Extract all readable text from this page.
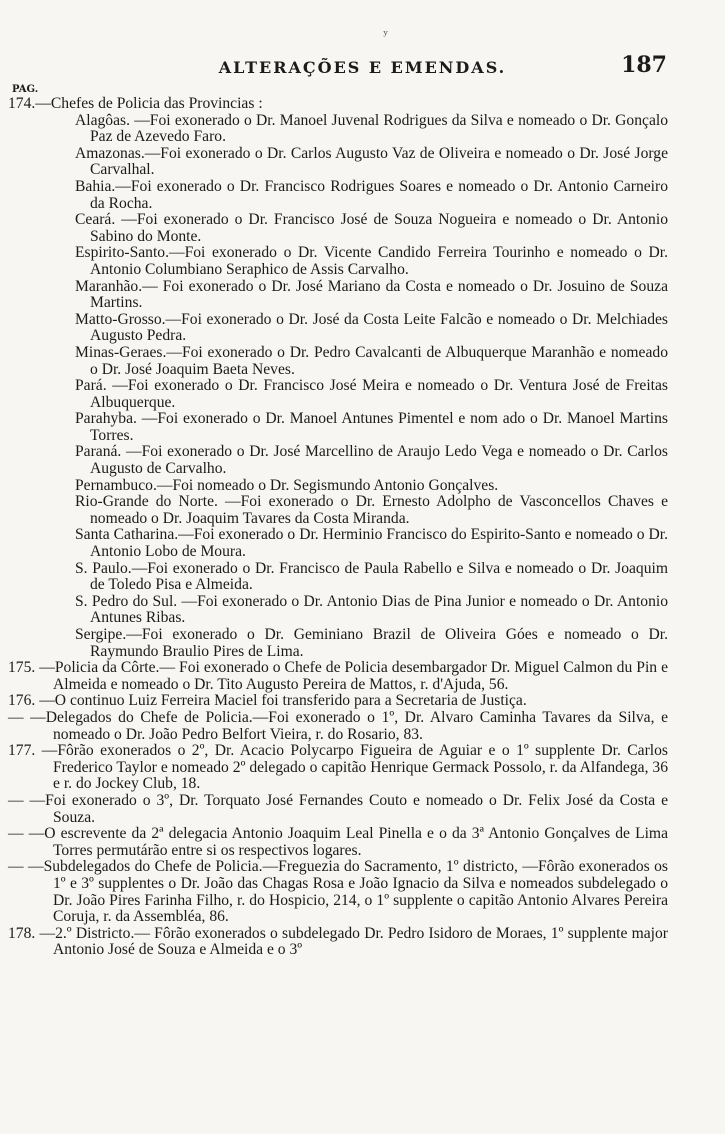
ʸ
ALTERAÇÕES E EMENDAS.	187
PAG.

174.—Chefes de Policia das Provincias :

Alagôas. —Foi exonerado o Dr. Manoel Juvenal Rodrigues da Silva e nomeado o Dr. Gonçalo Paz de Azevedo Faro.

Amazonas.—Foi exonerado o Dr. Carlos Augusto Vaz de Oliveira e nomeado o Dr. José Jorge Carvalhal.

Bahia.—Foi exonerado o Dr. Francisco Rodrigues Soares e nomeado o Dr. Antonio Carneiro da Rocha.

Ceará. —Foi exonerado o Dr. Francisco José de Souza Nogueira e nomeado o Dr. Antonio Sabino do Monte.

Espirito-Santo.—Foi exonerado o Dr. Vicente Candido Ferreira Tourinho e nomeado o Dr. Antonio Columbiano Seraphico de Assis Carvalho.

Maranhão.— Foi exonerado o Dr. José Mariano da Costa e nomeado o Dr. Josuino de Souza Martins.

Matto-Grosso.—Foi exonerado o Dr. José da Costa Leite Falcão e nomeado o Dr. Melchiades Augusto Pedra.

Minas-Geraes.—Foi exonerado o Dr. Pedro Cavalcanti de Albuquerque Maranhão e nomeado o Dr. José Joaquim Baeta Neves.

Pará. —Foi exonerado o Dr. Francisco José Meira e nomeado o Dr. Ventura José de Freitas Albuquerque.

Parahyba. —Foi exonerado o Dr. Manoel Antunes Pimentel e nom ado o Dr. Manoel Martins Torres.

Paraná. —Foi exonerado o Dr. José Marcellino de Araujo Ledo Vega e nomeado o Dr. Carlos Augusto de Carvalho.

Pernambuco.—Foi nomeado o Dr. Segismundo Antonio Gonçalves.

Rio-Grande do Norte. —Foi exonerado o Dr. Ernesto Adolpho de Vasconcellos Chaves e nomeado o Dr. Joaquim Tavares da Costa Miranda.

Santa Catharina.—Foi exonerado o Dr. Herminio Francisco do Espirito-Santo e nomeado o Dr. Antonio Lobo de Moura.

S. Paulo.—Foi exonerado o Dr. Francisco de Paula Rabello e Silva e nomeado o Dr. Joaquim de Toledo Pisa e Almeida.

S. Pedro do Sul. —Foi exonerado o Dr. Antonio Dias de Pina Junior e nomeado o Dr. Antonio Antunes Ribas.

Sergipe.—Foi exonerado o Dr. Geminiano Brazil de Oliveira Góes e nomeado o Dr. Raymundo Braulio Pires de Lima.

175. —Policia da Côrte.— Foi exonerado o Chefe de Policia desembargador Dr. Miguel Calmon du Pin e Almeida e nomeado o Dr. Tito Augusto Pereira de Mattos, r. d'Ajuda, 56.

176. —O continuo Luiz Ferreira Maciel foi transferido para a Secretaria de Justiça.

— —Delegados do Chefe de Policia.—Foi exonerado o 1º, Dr. Alvaro Caminha Tavares da Silva, e nomeado o Dr. João Pedro Belfort Vieira, r. do Rosario, 83.

177. —Fôrão exonerados o 2º, Dr. Acacio Polycarpo Figueira de Aguiar e o 1º supplente Dr. Carlos Frederico Taylor e nomeado 2º delegado o capitão Henrique Germack Possolo, r. da Alfandega, 36 e r. do Jockey Club, 18.

— —Foi exonerado o 3º, Dr. Torquato José Fernandes Couto e nomeado o Dr. Felix José da Costa e Souza.

— —O escrevente da 2ª delegacia Antonio Joaquim Leal Pinella e o da 3ª Antonio Gonçalves de Lima Torres permutárão entre si os respectivos logares.

— —Subdelegados do Chefe de Policia.—Freguezia do Sacramento, 1º districto, —Fôrão exonerados os 1º e 3º supplentes o Dr. João das Chagas Rosa e João Ignacio da Silva e nomeados subdelegado o Dr. João Pires Farinha Filho, r. do Hospicio, 214, o 1º supplente o capitão Antonio Alvares Pereira Coruja, r. da Assembléa, 86.

178. —2.º Districto.— Fôrão exonerados o subdelegado Dr. Pedro Isidoro de Moraes, 1º supplente major Antonio José de Souza e Almeida e o 3º
